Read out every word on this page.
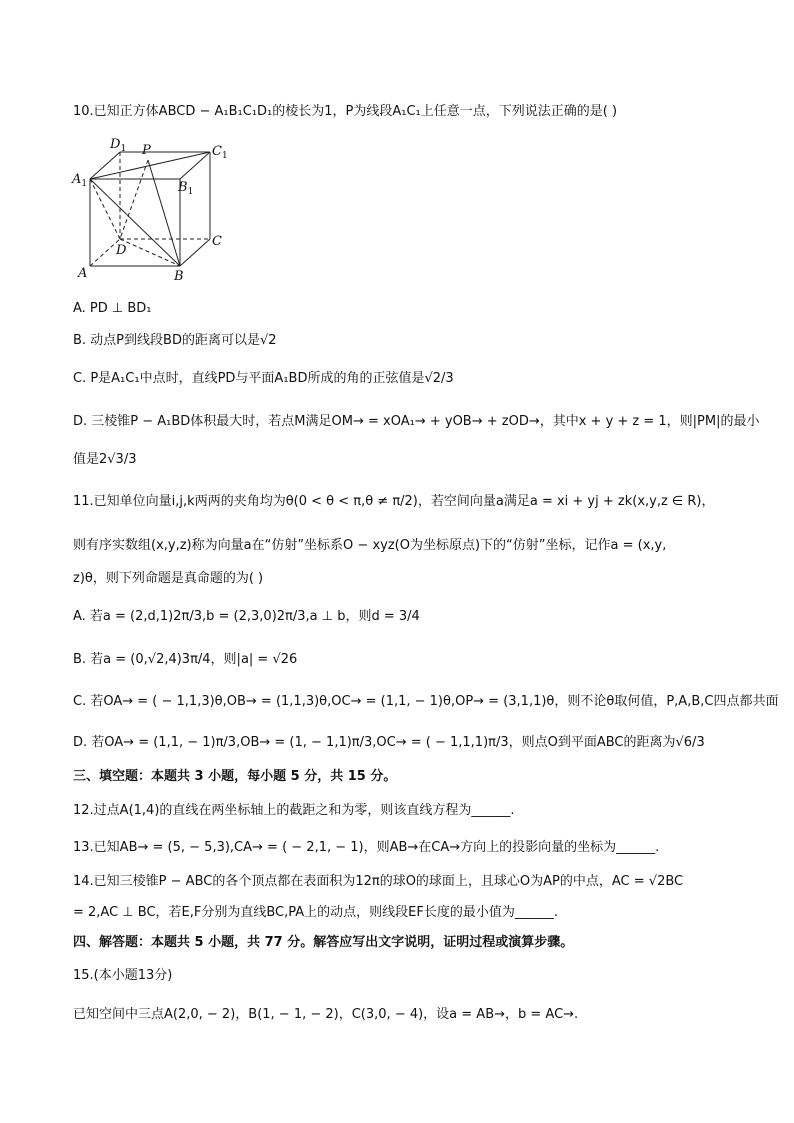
10.已知正方体ABCD − A₁B₁C₁D₁的棱长为1，P为线段A₁C₁上任意一点，下列说法正确的是( )
$D_1$ P	$C_1$
$A_1$	$B_1$
C
D
A	B
A. PD ⊥ BD₁
B. 动点P到线段BD的距离可以是√2
C. P是A₁C₁中点时，直线PD与平面A₁BD所成的角的正弦值是√2/3
D. 三棱锥P − A₁BD体积最大时，若点M满足OM→ = xOA₁→ + yOB→ + zOD→，其中x + y + z = 1，则|PM|的最小
值是2√3/3
11.已知单位向量i,j,k两两的夹角均为θ(0 < θ < π,θ ≠ π/2)，若空间向量a满足a = xi + yj + zk(x,y,z ∈ R)，
则有序实数组(x,y,z)称为向量a在“仿射”坐标系O − xyz(O为坐标原点)下的“仿射”坐标，记作a = (x,y,
z)θ，则下列命题是真命题的为( )
A. 若a = (2,d,1)2π/3,b = (2,3,0)2π/3,a ⊥ b，则d = 3/4
B. 若a = (0,√2,4)3π/4，则|a| = √26
C. 若OA→ = ( − 1,1,3)θ,OB→ = (1,1,3)θ,OC→ = (1,1, − 1)θ,OP→ = (3,1,1)θ，则不论θ取何值，P,A,B,C四点都共面
D. 若OA→ = (1,1, − 1)π/3,OB→ = (1, − 1,1)π/3,OC→ = ( − 1,1,1)π/3，则点O到平面ABC的距离为√6/3
三、填空题：本题共 3 小题，每小题 5 分，共 15 分。
12.过点A(1,4)的直线在两坐标轴上的截距之和为零，则该直线方程为______.
13.已知AB→ = (5, − 5,3),CA→ = ( − 2,1, − 1)，则AB→在CA→方向上的投影向量的坐标为______.
14.已知三棱锥P − ABC的各个顶点都在表面积为12π的球O的球面上，且球心O为AP的中点，AC = √2BC
= 2,AC ⊥ BC，若E,F分别为直线BC,PA上的动点，则线段EF长度的最小值为______.
四、解答题：本题共 5 小题，共 77 分。解答应写出文字说明，证明过程或演算步骤。
15.(本小题13分)
已知空间中三点A(2,0, − 2)，B(1, − 1, − 2)，C(3,0, − 4)，设a = AB→，b = AC→.
